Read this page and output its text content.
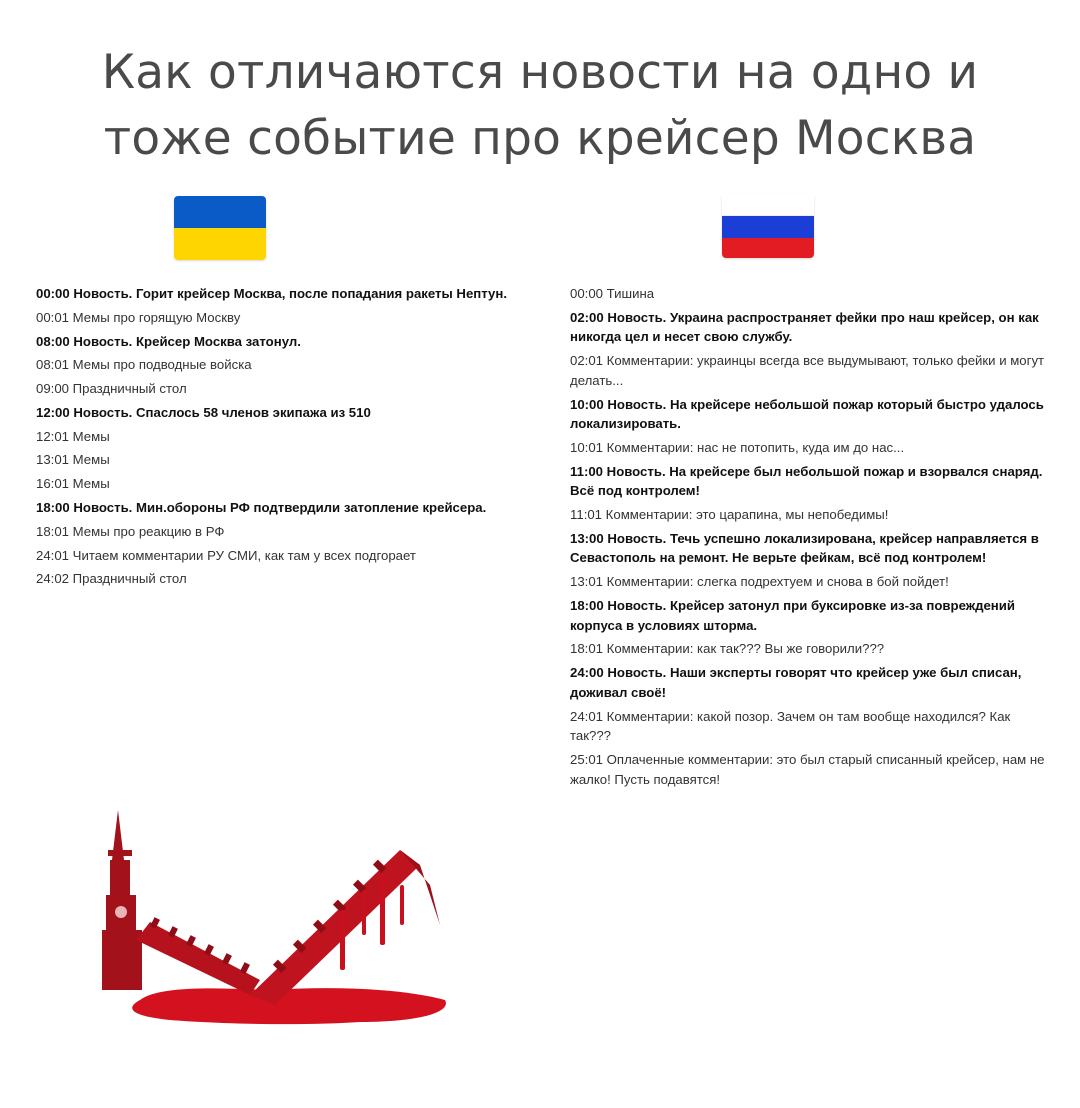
Как отличаются новости на одно и
тоже событие про крейсер Москва
00:00 Новость. Горит крейсер Москва, после попадания ракеты Нептун.
00:01 Мемы про горящую Москву
08:00 Новость. Крейсер Москва затонул.
08:01 Мемы про подводные войска
09:00 Праздничный стол
12:00 Новость. Спаслось 58 членов экипажа из 510
12:01 Мемы
13:01 Мемы
16:01 Мемы
18:00 Новость. Мин.обороны РФ подтвердили затопление крейсера.
18:01 Мемы про реакцию в РФ
24:01 Читаем комментарии РУ СМИ, как там у всех подгорает
24:02 Праздничный стол
00:00 Тишина
02:00 Новость. Украина распространяет фейки про наш крейсер, он как никогда цел и несет свою службу.
02:01 Комментарии: украинцы всегда все выдумывают, только фейки и могут делать...
10:00 Новость. На крейсере небольшой пожар который быстро удалось локализировать.
10:01 Комментарии: нас не потопить, куда им до нас...
11:00 Новость. На крейсере был небольшой пожар и взорвался снаряд. Всё под контролем!
11:01 Комментарии: это царапина, мы непобедимы!
13:00 Новость. Течь успешно локализирована, крейсер направляется в Севастополь на ремонт. Не верьте фейкам, всё под контролем!
13:01 Комментарии: слегка подрехтуем и снова в бой пойдет!
18:00 Новость. Крейсер затонул при буксировке из-за повреждений корпуса в условиях шторма.
18:01 Комментарии: как так??? Вы же говорили???
24:00 Новость. Наши эксперты говорят что крейсер уже был списан, доживал своё!
24:01 Комментарии: какой позор. Зачем он там вообще находился? Как так???
25:01 Оплаченные комментарии: это был старый списанный крейсер, нам не жалко! Пусть подавятся!
